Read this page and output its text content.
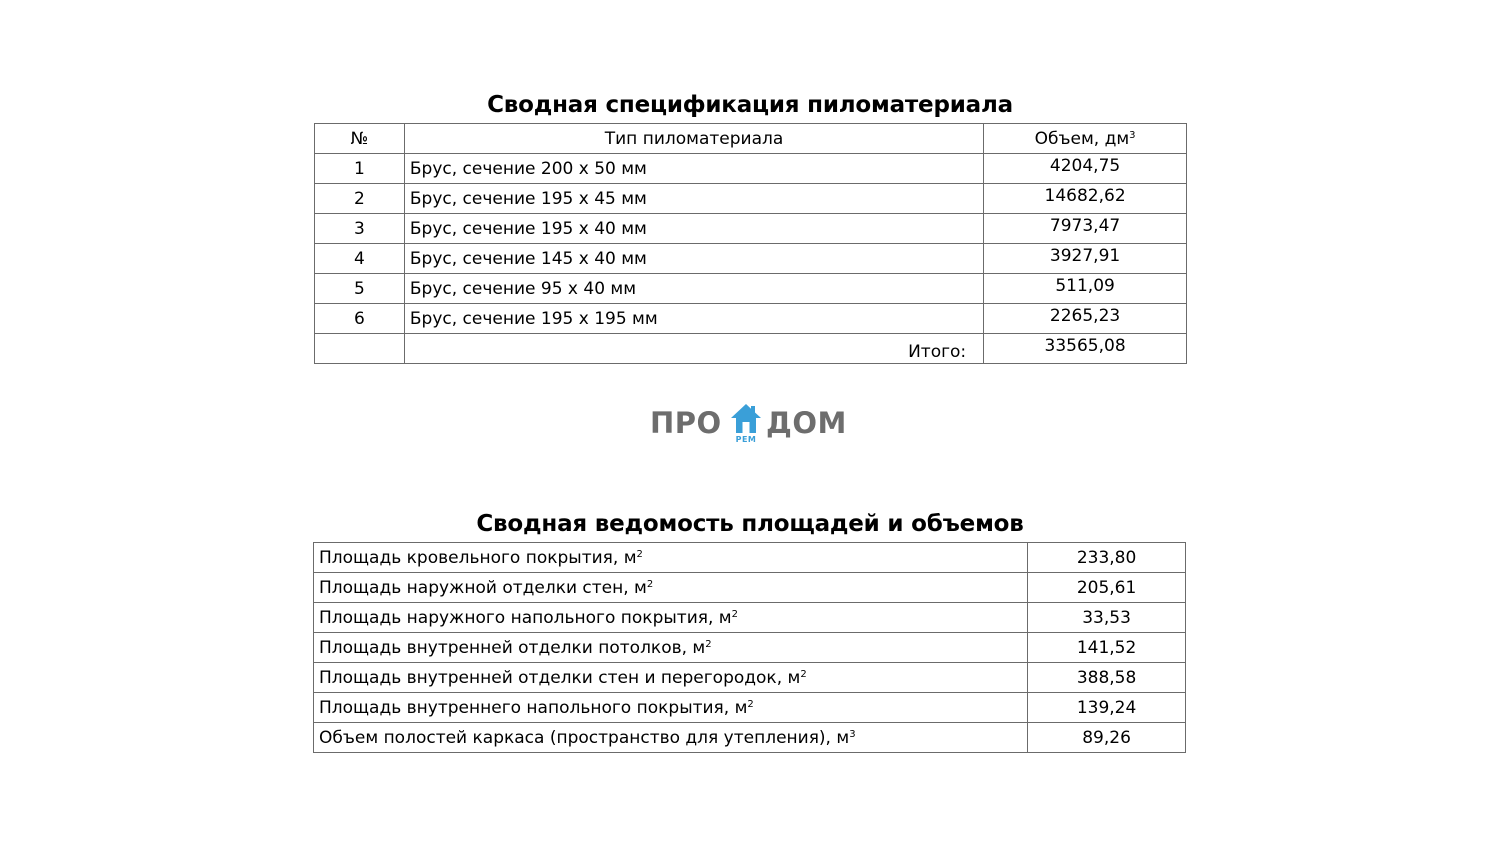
Сводная спецификация пиломатериала
№	Тип пиломатериала	Объем, $дм^3$
1	Брус, сечение 200 х 50 мм	4204,75
2	Брус, сечение 195 х 45 мм	14682,62
3	Брус, сечение 195 х 40 мм	7973,47
4	Брус, сечение 145 х 40 мм	3927,91
5	Брус, сечение 95 х 40 мм	511,09
6	Брус, сечение 195 х 195 мм	2265,23
	Итого:	33565,08
ПРО РЕМ ДОМ
Сводная ведомость площадей и объемов
Площадь кровельного покрытия, $м^2$	233,80
Площадь наружной отделки стен, $м^2$	205,61
Площадь наружного напольного покрытия, $м^2$	33,53
Площадь внутренней отделки потолков, $м^2$	141,52
Площадь внутренней отделки стен и перегородок, $м^2$	388,58
Площадь внутреннего напольного покрытия, $м^2$	139,24
Объем полостей каркаса (пространство для утепления), $м^3$	89,26
